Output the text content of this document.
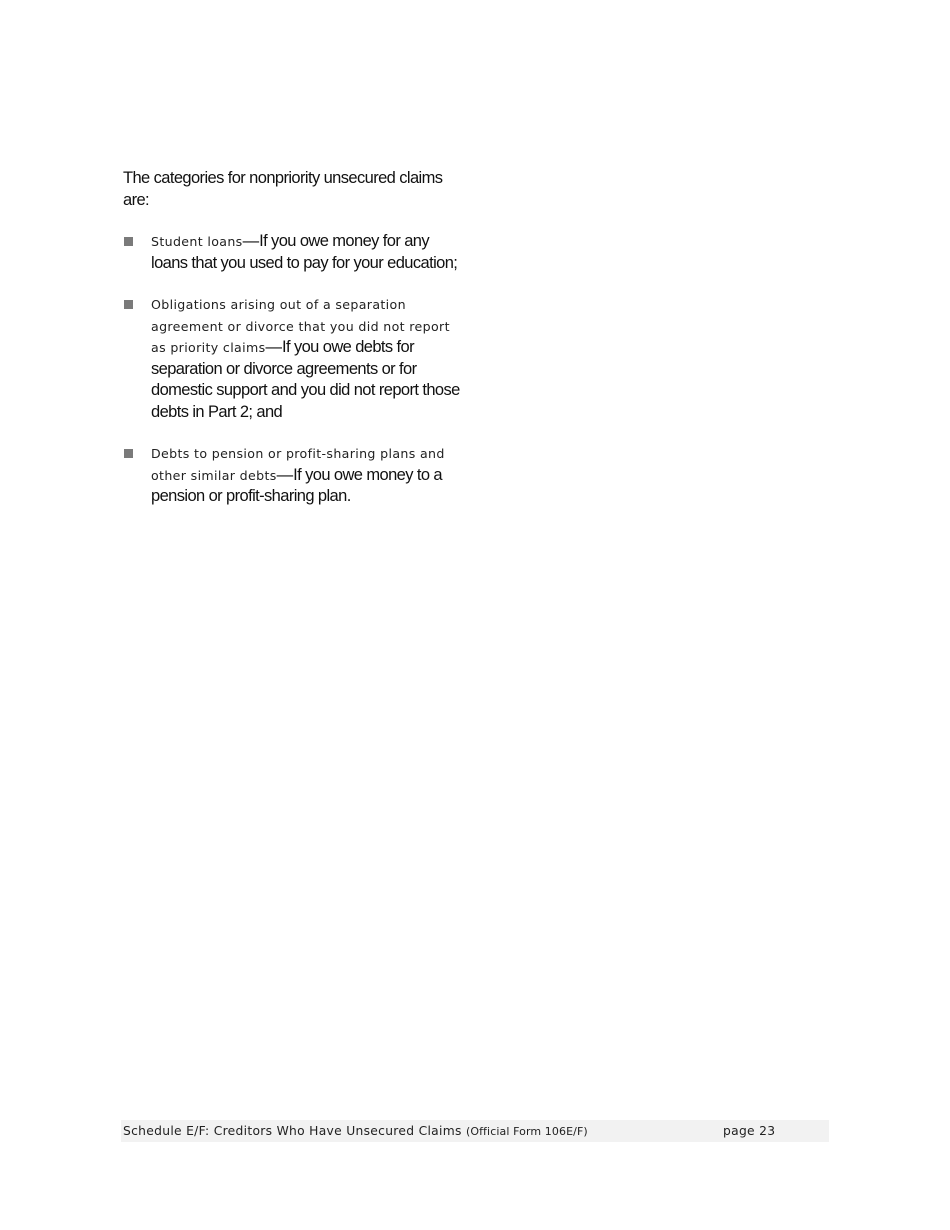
The categories for nonpriority unsecured claims are:

Student loans—If you owe money for any loans that you used to pay for your education;
Obligations arising out of a separation agreement or divorce that you did not report as priority claims—If you owe debts for separation or divorce agreements or for domestic support and you did not report those debts in Part 2; and
Debts to pension or profit-sharing plans and other similar debts—If you owe money to a pension or profit-sharing plan.
Schedule E/F: Creditors Who Have Unsecured Claims (Official Form 106E/F)	page 23
